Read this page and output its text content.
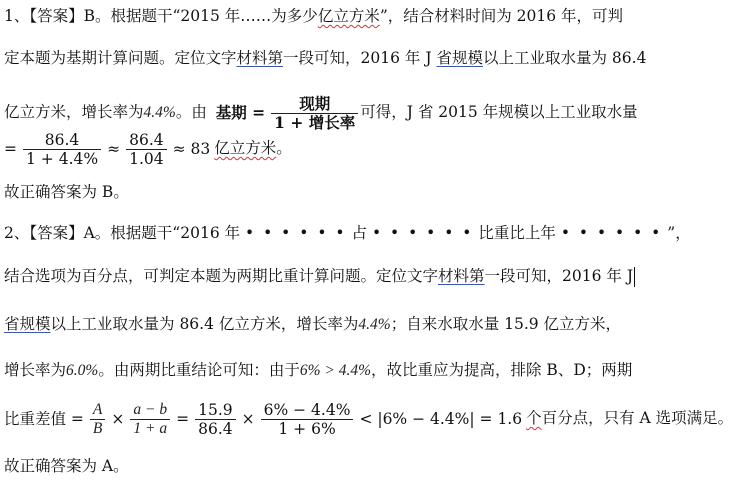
1、【答案】B。根据题干“2015 年……为多少亿立方米”，结合材料时间为 2016 年，可判
定本题为基期计算问题。定位文字材料第一段可知，2016 年 J 省规模以上工业取水量为 86.4
亿立方米，增长率为4.4%。由 基期 = $\frac{\text{现期}}{\text{1 + 增长率}}$ 可得，J 省 2015 年规模以上工业取水量
= $\frac{86.4}{1 + 4.4\%} \approx \frac{86.4}{1.04} \approx 83$ 亿立方米。
故正确答案为 B。
2、【答案】A。根据题干“2016 年 • • • • • • 占 • • • • • • 比重比上年 • • • • • • ”，
结合选项为百分点，可判定本题为两期比重计算问题。定位文字材料第一段可知，2016 年 J
省规模以上工业取水量为 86.4 亿立方米，增长率为4.4%；自来水取水量 15.9 亿立方米，
增长率为6.0%。由两期比重结论可知：由于6% > 4.4%，故比重应为提高，排除 B、D；两期
比重差值 = $\frac{A}{B} \times \frac{a - b}{1 + a} = \frac{15.9}{86.4} \times \frac{6\% - 4.4\%}{1 + 6\%} < |6\% - 4.4\%| = 1.6$ 个百分点，只有 A 选项满足。
故正确答案为 A。
